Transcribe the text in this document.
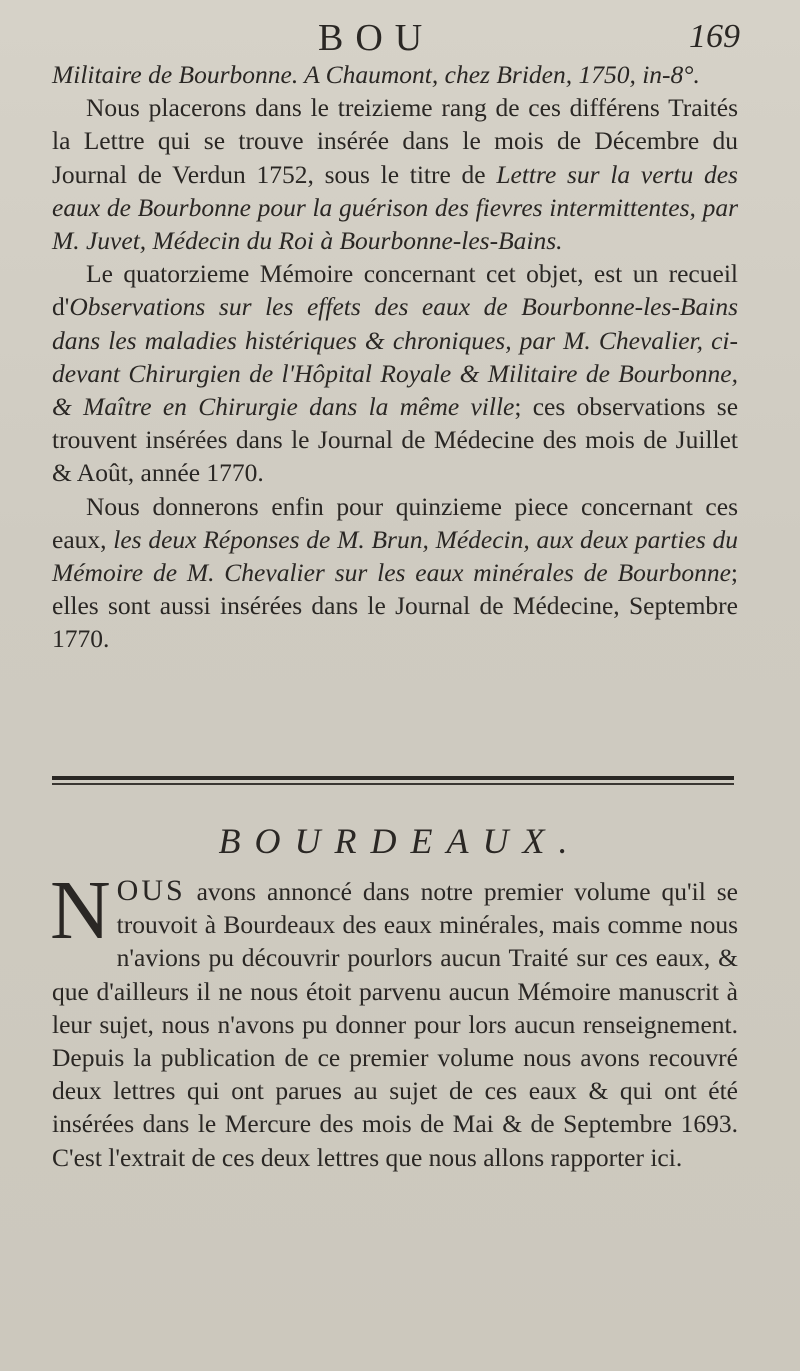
BOU	169

Militaire de Bourbonne. A Chaumont, chez Briden, 1750, in-8°.

Nous placerons dans le treizieme rang de ces différens Traités la Lettre qui se trouve insérée dans le mois de Décembre du Journal de Verdun 1752, sous le titre de Lettre sur la vertu des eaux de Bourbonne pour la guérison des fievres intermittentes, par M. Juvet, Médecin du Roi à Bourbonne-les-Bains.

Le quatorzieme Mémoire concernant cet objet, est un recueil d'Observations sur les effets des eaux de Bourbonne-les-Bains dans les maladies histériques & chroniques, par M. Chevalier, ci-devant Chirurgien de l'Hôpital Royale & Militaire de Bourbonne, & Maître en Chirurgie dans la même ville; ces observations se trouvent insérées dans le Journal de Médecine des mois de Juillet & Août, année 1770.

Nous donnerons enfin pour quinzieme piece concernant ces eaux, les deux Réponses de M. Brun, Médecin, aux deux parties du Mémoire de M. Chevalier sur les eaux minérales de Bourbonne; elles sont aussi insérées dans le Journal de Médecine, Septembre 1770.

BOURDEAUX.

NOUS avons annoncé dans notre premier volume qu'il se trouvoit à Bourdeaux des eaux minérales, mais comme nous n'avions pu découvrir pourlors aucun Traité sur ces eaux, & que d'ailleurs il ne nous étoit parvenu aucun Mémoire manuscrit à leur sujet, nous n'avons pu donner pour lors aucun renseignement. Depuis la publication de ce premier volume nous avons recouvré deux lettres qui ont parues au sujet de ces eaux & qui ont été insérées dans le Mercure des mois de Mai & de Septembre 1693. C'est l'extrait de ces deux lettres que nous allons rapporter ici.
